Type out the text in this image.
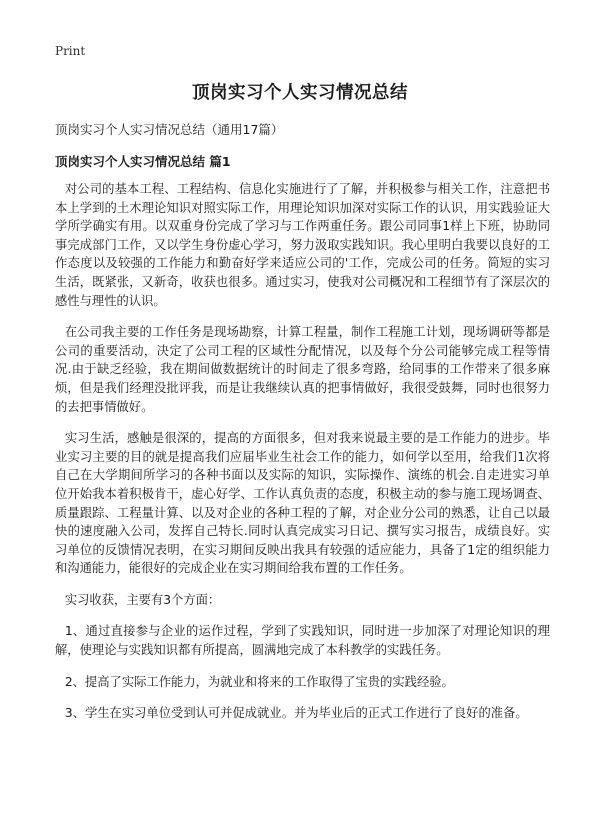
Print
顶岗实习个人实习情况总结

顶岗实习个人实习情况总结（通用17篇）

顶岗实习个人实习情况总结 篇1

对公司的基本工程、工程结构、信息化实施进行了了解，并积极参与相关工作，注意把书本上学到的土木理论知识对照实际工作，用理论知识加深对实际工作的认识，用实践验证大学所学确实有用。以双重身份完成了学习与工作两重任务。跟公司同事1样上下班，协助同事完成部门工作，又以学生身份虚心学习，努力汲取实践知识。我心里明白我要以良好的工作态度以及较强的工作能力和勤奋好学来适应公司的'工作，完成公司的任务。简短的实习生活，既紧张，又新奇，收获也很多。通过实习，使我对公司概况和工程细节有了深层次的感性与理性的认识。

在公司我主要的工作任务是现场勘察，计算工程量，制作工程施工计划，现场调研等都是公司的重要活动，决定了公司工程的区域性分配情况，以及每个分公司能够完成工程等情况.由于缺乏经验，我在期间做数据统计的时间走了很多弯路，给同事的工作带来了很多麻烦，但是我们经理没批评我，而是让我继续认真的把事情做好，我很受鼓舞，同时也很努力的去把事情做好。

实习生活，感触是很深的，提高的方面很多，但对我来说最主要的是工作能力的进步。毕业实习主要的目的就是提高我们应届毕业生社会工作的能力，如何学以至用，给我们1次将自己在大学期间所学习的各种书面以及实际的知识，实际操作、演练的机会.自走进实习单位开始我本着积极肯干，虚心好学、工作认真负责的态度，积极主动的参与施工现场调查、质量跟踪、工程量计算、以及对企业的各种工程的了解，对企业分公司的熟悉，让自己以最快的速度融入公司，发挥自己特长.同时认真完成实习日记、撰写实习报告，成绩良好。实习单位的反馈情况表明，在实习期间反映出我具有较强的适应能力，具备了1定的组织能力和沟通能力，能很好的完成企业在实习期间给我布置的工作任务。

实习收获，主要有3个方面：

1、通过直接参与企业的运作过程，学到了实践知识，同时进一步加深了对理论知识的理解，使理论与实践知识都有所提高，圆满地完成了本科教学的实践任务。

2、提高了实际工作能力，为就业和将来的工作取得了宝贵的实践经验。

3、学生在实习单位受到认可并促成就业。并为毕业后的正式工作进行了良好的准备。
